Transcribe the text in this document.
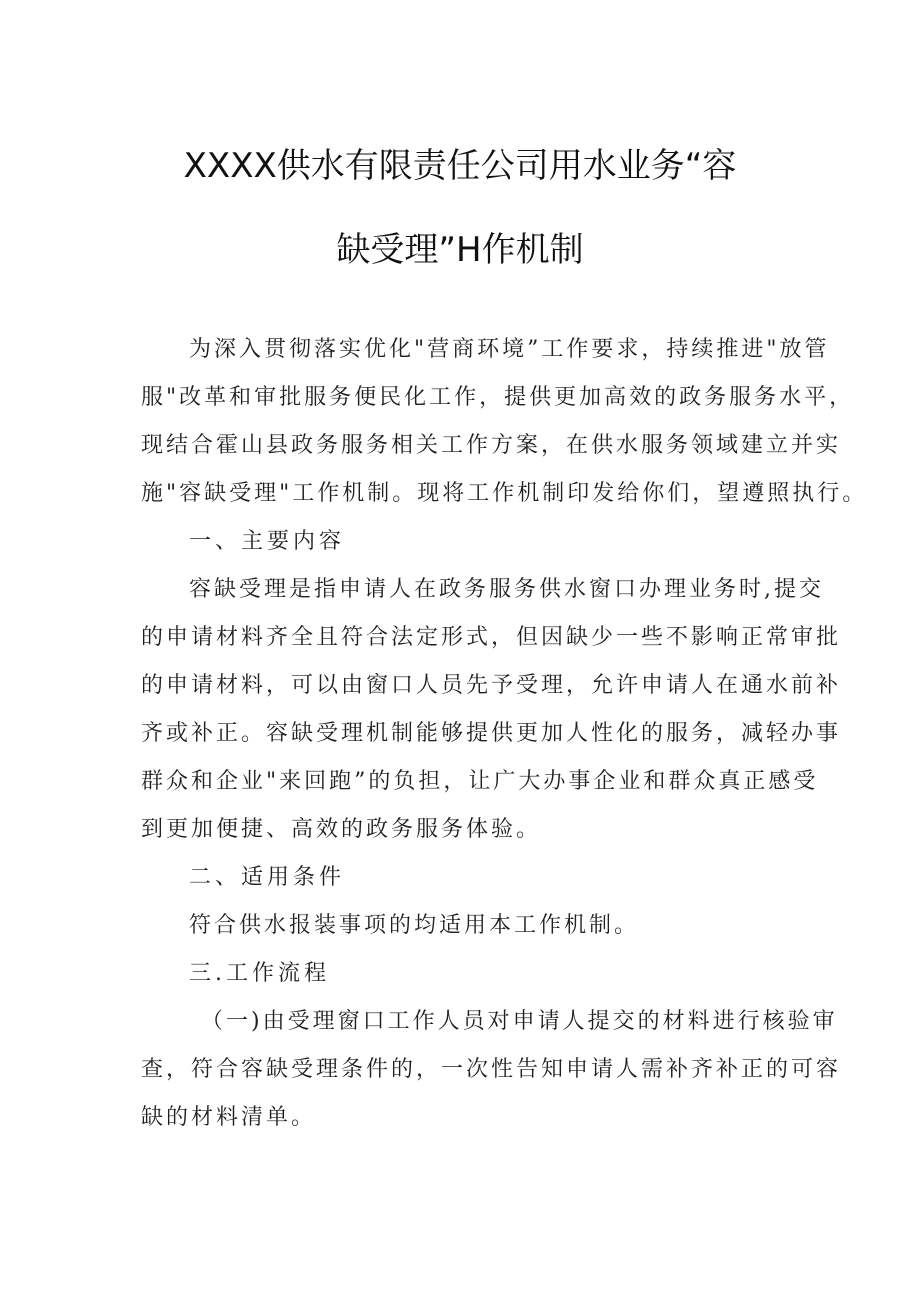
XXXX供水有限责任公司用水业务“容
缺受理”H作机制
为深入贯彻落实优化"营商环境”工作要求，持续推进"放管
服"改革和审批服务便民化工作，提供更加高效的政务服务水平，
现结合霍山县政务服务相关工作方案，在供水服务领域建立并实
施"容缺受理"工作机制。现将工作机制印发给你们，望遵照执行。
一、主要内容
容缺受理是指申请人在政务服务供水窗口办理业务时,提交
的申请材料齐全且符合法定形式，但因缺少一些不影响正常审批
的申请材料，可以由窗口人员先予受理，允许申请人在通水前补
齐或补正。容缺受理机制能够提供更加人性化的服务，减轻办事
群众和企业"来回跑”的负担，让广大办事企业和群众真正感受
到更加便捷、高效的政务服务体验。
二、适用条件
符合供水报装事项的均适用本工作机制。
三.工作流程
（一)由受理窗口工作人员对申请人提交的材料进行核验审
查，符合容缺受理条件的，一次性告知申请人需补齐补正的可容
缺的材料清单。
